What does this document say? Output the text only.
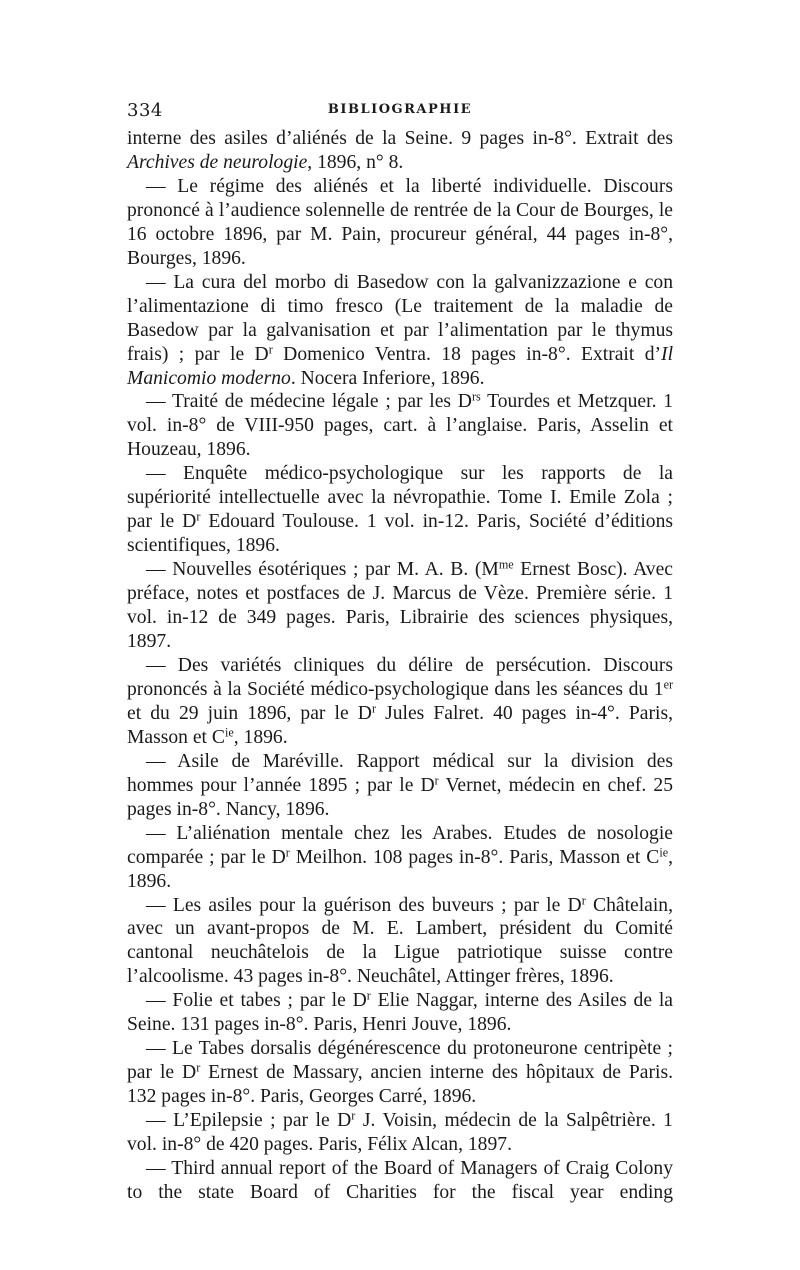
334	BIBLIOGRAPHIE

interne des asiles d’aliénés de la Seine. 9 pages in-8°. Extrait des Archives de neurologie, 1896, n° 8.

— Le régime des aliénés et la liberté individuelle. Discours prononcé à l’audience solennelle de rentrée de la Cour de Bourges, le 16 octobre 1896, par M. Pain, procureur général, 44 pages in-8°, Bourges, 1896.

— La cura del morbo di Basedow con la galvanizzazione e con l’alimentazione di timo fresco (Le traitement de la maladie de Basedow par la galvanisation et par l’alimentation par le thymus frais) ; par le $D^r$ Domenico Ventra. 18 pages in-8°. Extrait d’Il Manicomio moderno. Nocera Inferiore, 1896.

— Traité de médecine légale ; par les $D^{rs}$ Tourdes et Metzquer. 1 vol. in-8° de VIII-950 pages, cart. à l’anglaise. Paris, Asselin et Houzeau, 1896.

— Enquête médico-psychologique sur les rapports de la supériorité intellectuelle avec la névropathie. Tome I. Emile Zola ; par le $D^r$ Edouard Toulouse. 1 vol. in-12. Paris, Société d’éditions scientifiques, 1896.

— Nouvelles ésotériques ; par M. A. B. ($M^{me}$ Ernest Bosc). Avec préface, notes et postfaces de J. Marcus de Vèze. Première série. 1 vol. in-12 de 349 pages. Paris, Librairie des sciences physiques, 1897.

— Des variétés cliniques du délire de persécution. Discours prononcés à la Société médico-psychologique dans les séances du 1er et du 29 juin 1896, par le $D^r$ Jules Falret. 40 pages in-4°. Paris, Masson et $C^{ie}$, 1896.

— Asile de Maréville. Rapport médical sur la division des hommes pour l’année 1895 ; par le $D^r$ Vernet, médecin en chef. 25 pages in-8°. Nancy, 1896.

— L’aliénation mentale chez les Arabes. Etudes de nosologie comparée ; par le $D^r$ Meilhon. 108 pages in-8°. Paris, Masson et $C^{ie}$, 1896.

— Les asiles pour la guérison des buveurs ; par le $D^r$ Châtelain, avec un avant-propos de M. E. Lambert, président du Comité cantonal neuchâtelois de la Ligue patriotique suisse contre l’alcoolisme. 43 pages in-8°. Neuchâtel, Attinger frères, 1896.

— Folie et tabes ; par le $D^r$ Elie Naggar, interne des Asiles de la Seine. 131 pages in-8°. Paris, Henri Jouve, 1896.

— Le Tabes dorsalis dégénérescence du protoneurone centripète ; par le $D^r$ Ernest de Massary, ancien interne des hôpitaux de Paris. 132 pages in-8°. Paris, Georges Carré, 1896.

— L’Epilepsie ; par le $D^r$ J. Voisin, médecin de la Salpêtrière. 1 vol. in-8° de 420 pages. Paris, Félix Alcan, 1897.

— Third annual report of the Board of Managers of Craig Colony to the state Board of Charities for the fiscal year ending
